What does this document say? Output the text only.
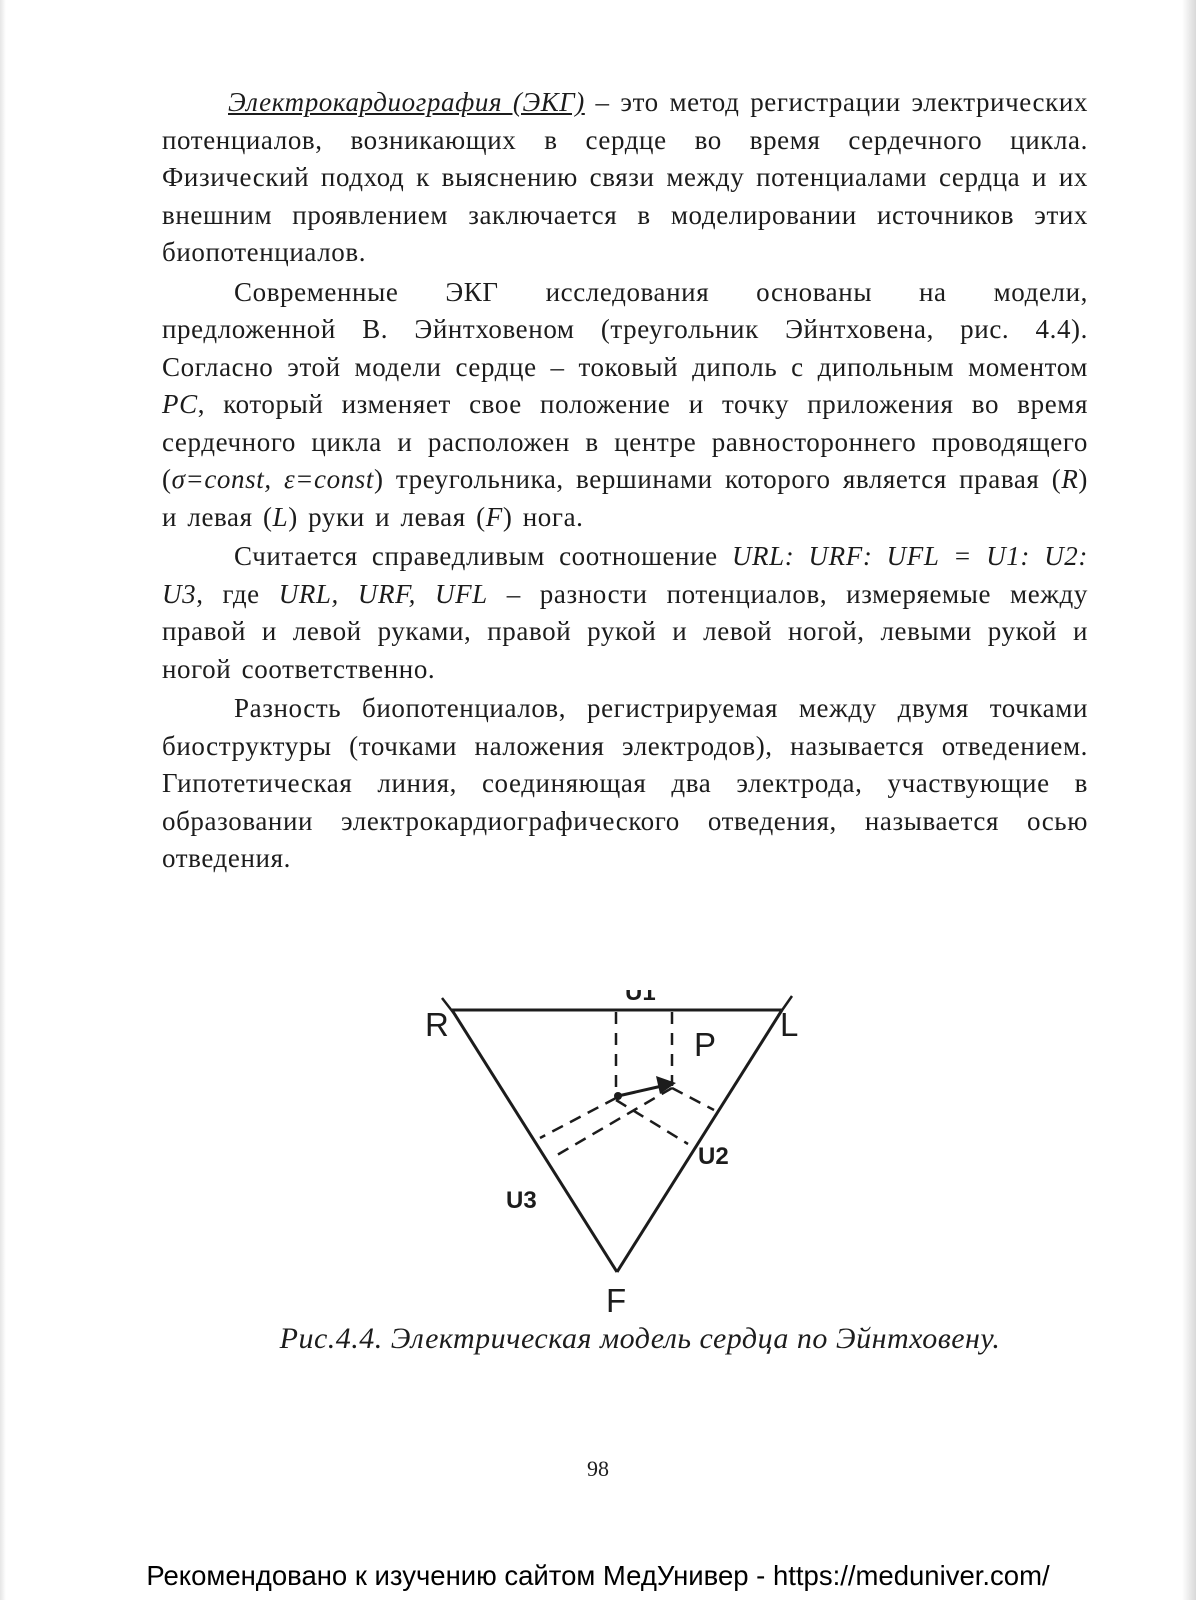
Электрокардиография (ЭКГ) – это метод регистрации электрических потенциалов, возникающих в сердце во время сердечного цикла. Физический подход к выяснению связи между потенциалами сердца и их внешним проявлением заключается в моделировании источников этих биопотенциалов.

Современные ЭКГ исследования основаны на модели, предложенной В. Эйнтховеном (треугольник Эйнтховена, рис. 4.4). Согласно этой модели сердце – токовый диполь с дипольным моментом PC, который изменяет свое положение и точку приложения во время сердечного цикла и расположен в центре равностороннего проводящего (σ=const, ε=const) треугольника, вершинами которого является правая (R) и левая (L) руки и левая (F) нога.

Считается справедливым соотношение URL: URF: UFL = U1: U2: U3, где URL, URF, UFL – разности потенциалов, измеряемые между правой и левой руками, правой рукой и левой ногой, левыми рукой и ногой соответственно.

Разность биопотенциалов, регистрируемая между двумя точками биоструктуры (точками наложения электродов), называется отведением. Гипотетическая линия, соединяющая два электрода, участвующие в образовании электрокардиографического отведения, называется осью отведения.

U1
R	L
P
U2
U3
F
Рис.4.4. Электрическая модель сердца по Эйнтховену.
98
Рекомендовано к изучению сайтом МедУнивер - https://meduniver.com/
